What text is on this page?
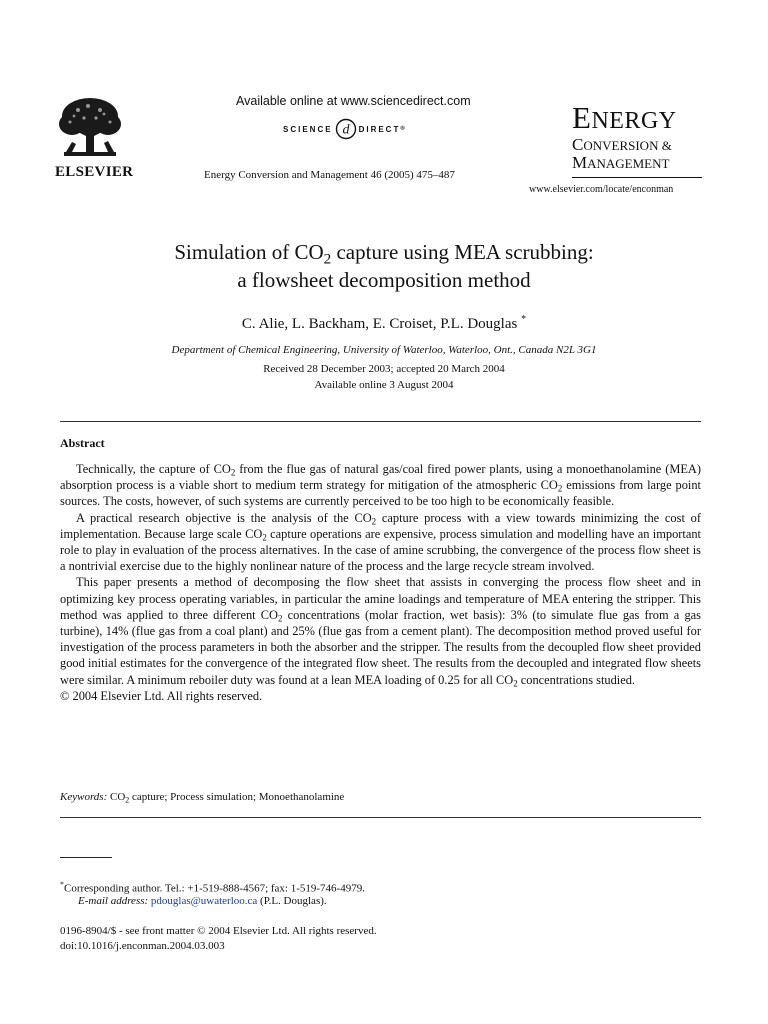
ELSEVIER
Available online at www.sciencedirect.com
SCIENCE d DIRECT ®
Energy Conversion and Management 46 (2005) 475–487
ENERGY
CONVERSION &
MANAGEMENT
www.elsevier.com/locate/enconman
Simulation of $CO_2$ capture using MEA scrubbing:
a flowsheet decomposition method
C. Alie, L. Backham, E. Croiset, P.L. Douglas *
Department of Chemical Engineering, University of Waterloo, Waterloo, Ont., Canada N2L 3G1
Received 28 December 2003; accepted 20 March 2004
Available online 3 August 2004
Abstract

Technically, the capture of $CO_2$ from the flue gas of natural gas/coal fired power plants, using a monoethanolamine (MEA) absorption process is a viable short to medium term strategy for mitigation of the atmospheric $CO_2$ emissions from large point sources. The costs, however, of such systems are currently perceived to be too high to be economically feasible.

A practical research objective is the analysis of the $CO_2$ capture process with a view towards minimizing the cost of implementation. Because large scale $CO_2$ capture operations are expensive, process simulation and modelling have an important role to play in evaluation of the process alternatives. In the case of amine scrubbing, the convergence of the process flow sheet is a nontrivial exercise due to the highly nonlinear nature of the process and the large recycle stream involved.

This paper presents a method of decomposing the flow sheet that assists in converging the process flow sheet and in optimizing key process operating variables, in particular the amine loadings and temperature of MEA entering the stripper. This method was applied to three different $CO_2$ concentrations (molar fraction, wet basis): 3% (to simulate flue gas from a gas turbine), 14% (flue gas from a coal plant) and 25% (flue gas from a cement plant). The decomposition method proved useful for investigation of the process parameters in both the absorber and the stripper. The results from the decoupled flow sheet provided good initial estimates for the convergence of the integrated flow sheet. The results from the decoupled and integrated flow sheets were similar. A minimum reboiler duty was found at a lean MEA loading of 0.25 for all $CO_2$ concentrations studied.

© 2004 Elsevier Ltd. All rights reserved.

Keywords: $CO_2$ capture; Process simulation; Monoethanolamine
*Corresponding author. Tel.: +1-519-888-4567; fax: 1-519-746-4979.
E-mail address: pdouglas@uwaterloo.ca (P.L. Douglas).
0196-8904/$ - see front matter © 2004 Elsevier Ltd. All rights reserved.
doi:10.1016/j.enconman.2004.03.003
